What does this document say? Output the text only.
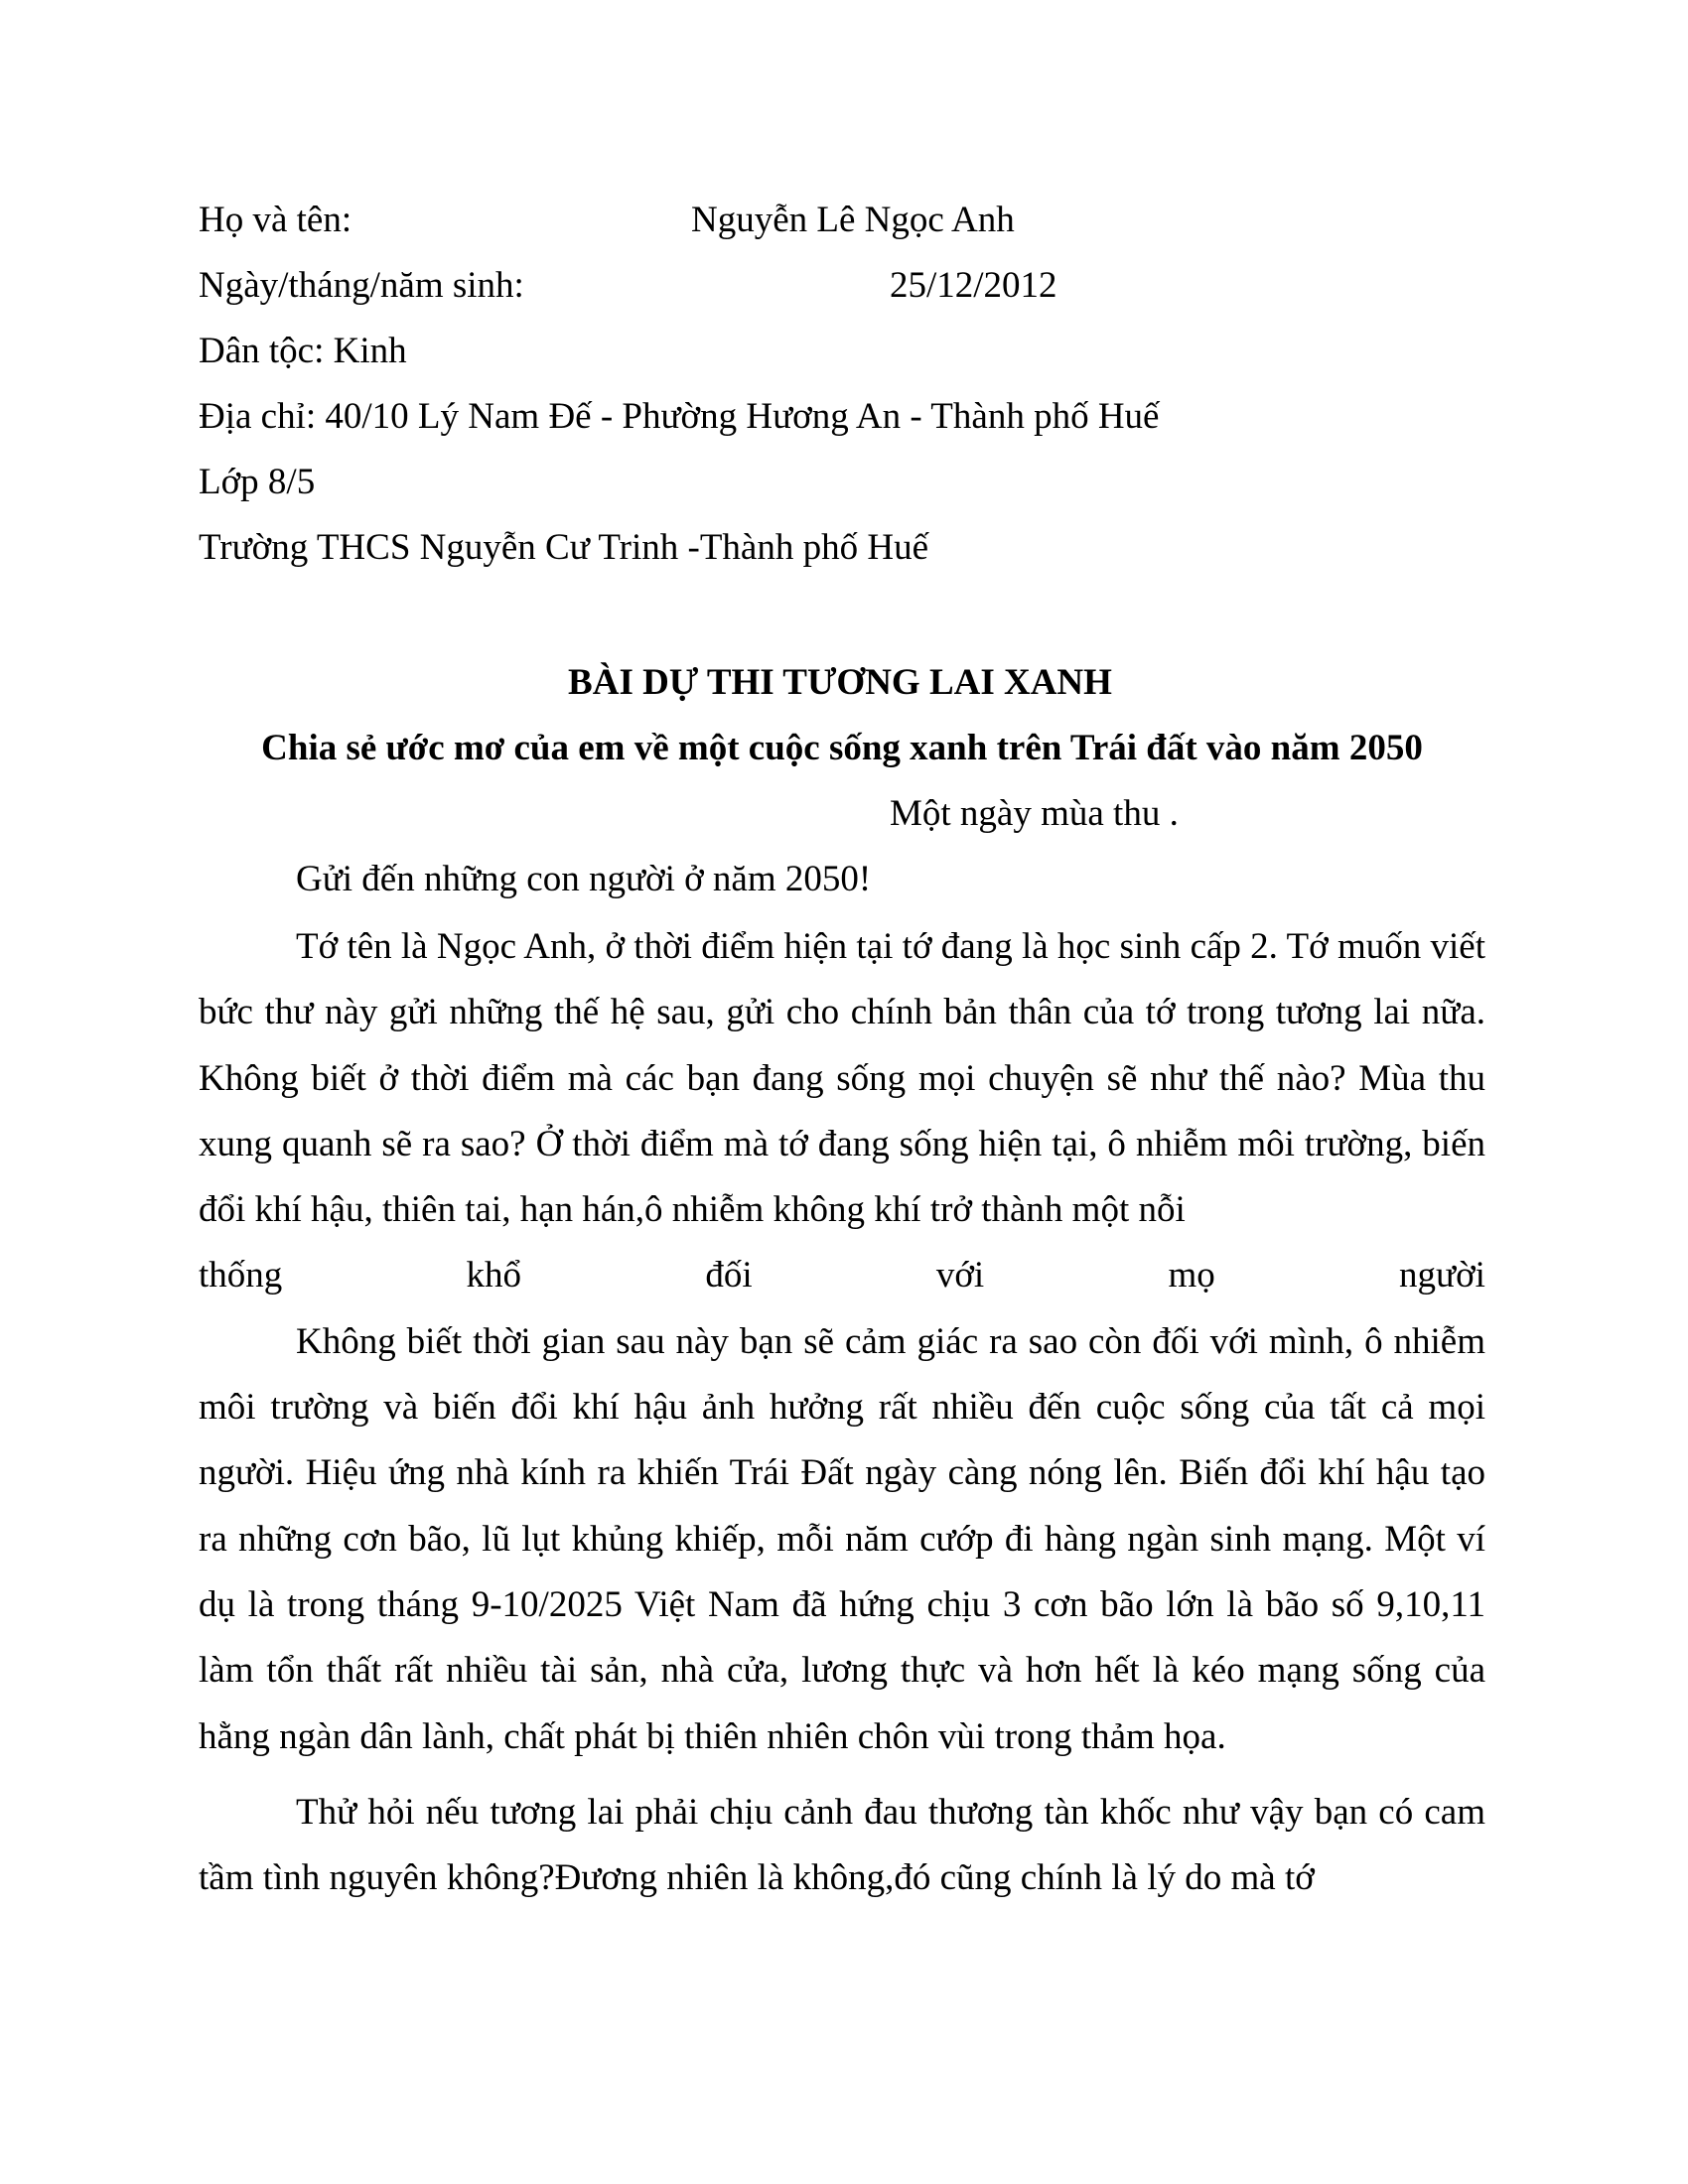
Họ và tên:	Nguyễn Lê Ngọc Anh
Ngày/tháng/năm sinh:	25/12/2012
Dân tộc: Kinh
Địa chỉ: 40/10 Lý Nam Đế - Phường Hương An - Thành phố Huế
Lớp 8/5
Trường THCS Nguyễn Cư Trinh -Thành phố Huế
BÀI DỰ THI TƯƠNG LAI XANH
Chia sẻ ước mơ của em về một cuộc sống xanh trên Trái đất vào năm 2050
Một ngày mùa thu .
Gửi đến những con người ở năm 2050!

Tớ tên là Ngọc Anh, ở thời điểm hiện tại tớ đang là học sinh cấp 2. Tớ muốn viết bức thư này gửi những thế hệ sau, gửi cho chính bản thân của tớ trong tương lai nữa. Không biết ở thời điểm mà các bạn đang sống mọi chuyện sẽ như thế nào? Mùa thu xung quanh sẽ ra sao? Ở thời điểm mà tớ đang sống hiện tại, ô nhiễm môi trường, biến đổi khí hậu, thiên tai, hạn hán,ô nhiễm không khí trở thành một nỗi

thống	khổ	đối	với	mọ	người

Không biết thời gian sau này bạn sẽ cảm giác ra sao còn đối với mình, ô nhiễm môi trường và biến đổi khí hậu ảnh hưởng rất nhiều đến cuộc sống của tất cả mọi người. Hiệu ứng nhà kính ra khiến Trái Đất ngày càng nóng lên. Biến đổi khí hậu tạo ra những cơn bão, lũ lụt khủng khiếp, mỗi năm cướp đi hàng ngàn sinh mạng. Một ví dụ là trong tháng 9-10/2025 Việt Nam đã hứng chịu 3 cơn bão lớn là bão số 9,10,11 làm tổn thất rất nhiều tài sản, nhà cửa, lương thực và hơn hết là kéo mạng sống của hằng ngàn dân lành, chất phát bị thiên nhiên chôn vùi trong thảm họa.

Thử hỏi nếu tương lai phải chịu cảnh đau thương tàn khốc như vậy bạn có cam tầm tình nguyên không?Đương nhiên là không,đó cũng chính là lý do mà tớ
